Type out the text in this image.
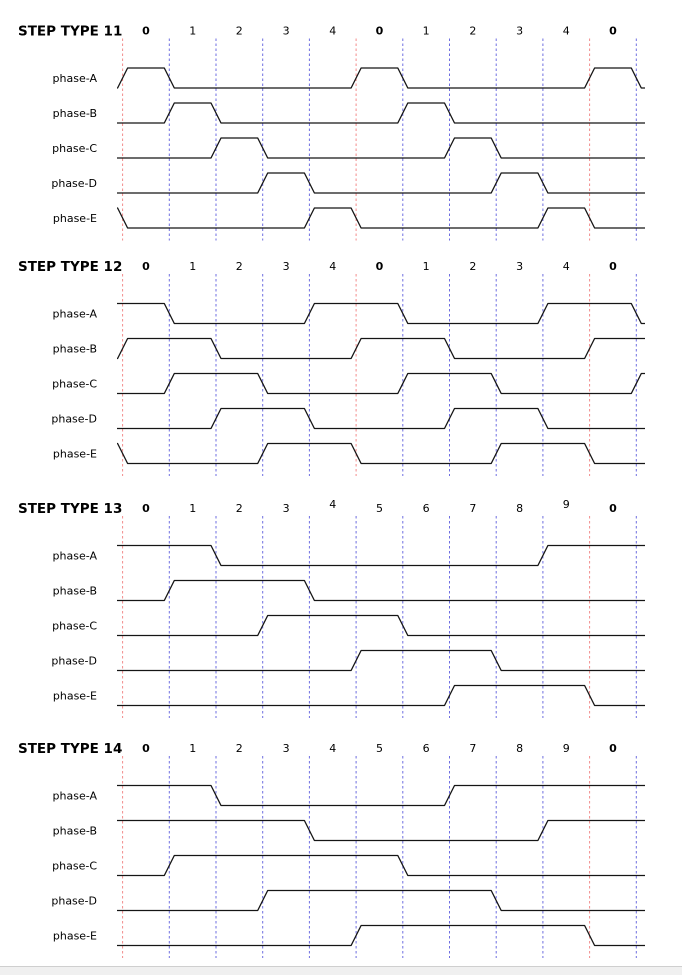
STEP TYPE 11 0	1	2	3	4	0	1	2	3	4	0
phase-A
phase-B
phase-C
phase-D
phase-E
STEP TYPE 12 0	1	2	3	4	0	1	2	3	4	0
phase-A
phase-B
phase-C
phase-D
phase-E
STEP TYPE 13 0	1	2	3	4	5	6	7	8	9	0
phase-A
phase-B
phase-C
phase-D
phase-E
STEP TYPE 14 0	1	2	3	4	5	6	7	8	9	0
phase-A
phase-B
phase-C
phase-D
phase-E
